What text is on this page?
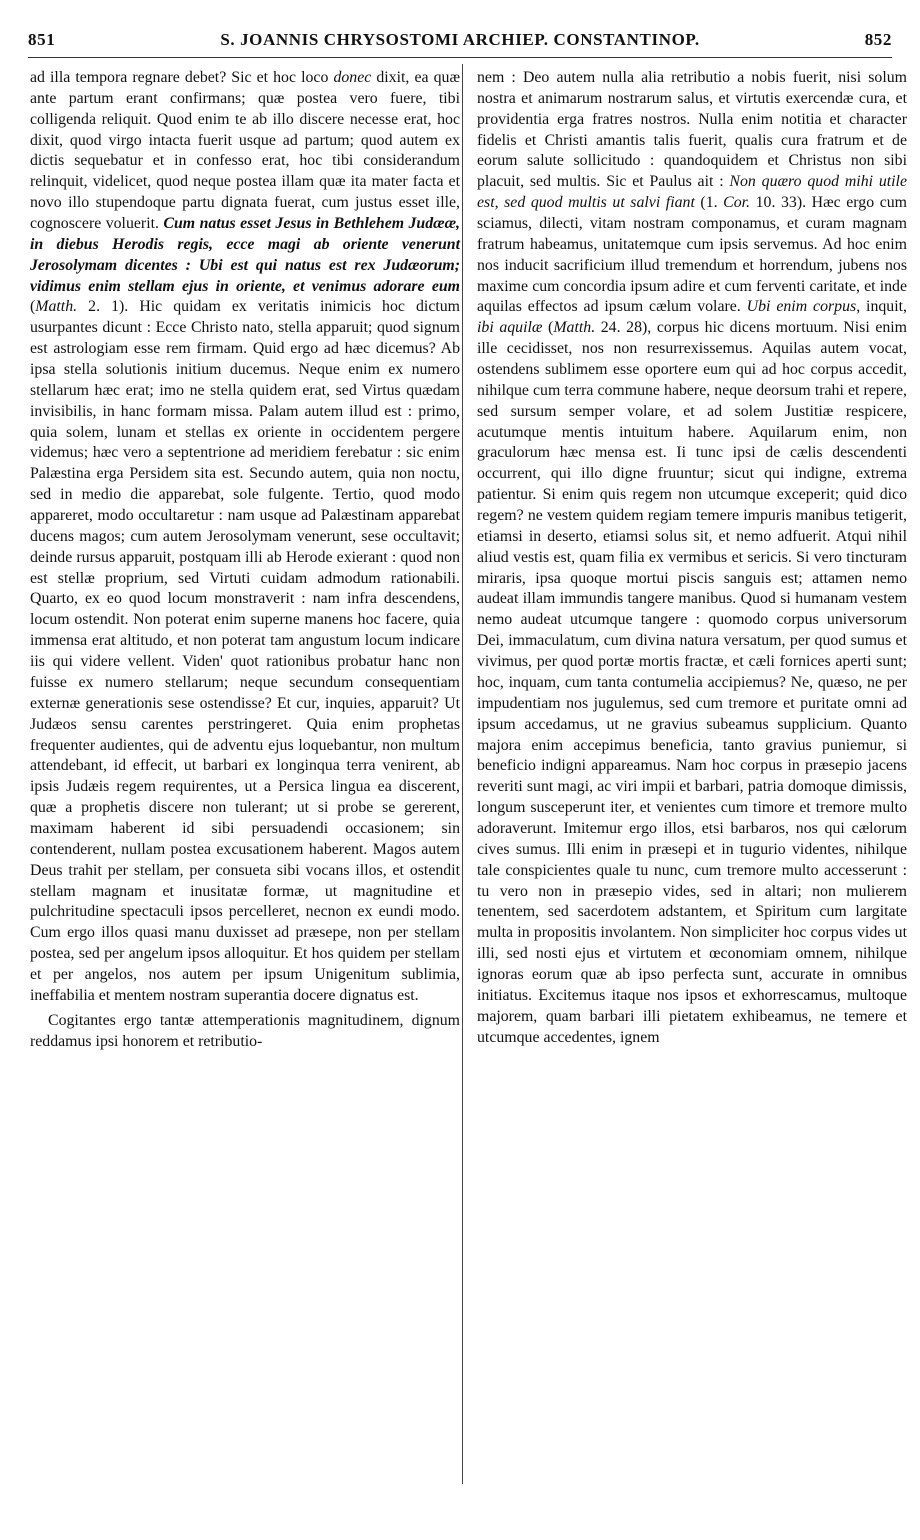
851	S. JOANNIS CHRYSOSTOMI ARCHIEP. CONSTANTINOP.	852

ad illa tempora regnare debet? Sic et hoc loco donec dixit, ea quæ ante partum erant confirmans; quæ postea vero fuere, tibi colligenda reliquit. Quod enim te ab illo discere necesse erat, hoc dixit, quod virgo intacta fuerit usque ad partum; quod autem ex dictis sequebatur et in confesso erat, hoc tibi considerandum relinquit, videlicet, quod neque postea illam quæ ita mater facta et novo illo stupendoque partu dignata fuerat, cum justus esset ille, cognoscere voluerit. Cum natus esset Jesus in Bethlehem Judææ, in diebus Herodis regis, ecce magi ab oriente venerunt Jerosolymam dicentes : Ubi est qui natus est rex Judæorum; vidimus enim stellam ejus in oriente, et venimus adorare eum (Matth. 2. 1). Hic quidam ex veritatis inimicis hoc dictum usurpantes dicunt : Ecce Christo nato, stella apparuit; quod signum est astrologiam esse rem firmam. Quid ergo ad hæc dicemus? Ab ipsa stella solutionis initium ducemus. Neque enim ex numero stellarum hæc erat; imo ne stella quidem erat, sed Virtus quædam invisibilis, in hanc formam missa. Palam autem illud est : primo, quia solem, lunam et stellas ex oriente in occidentem pergere videmus; hæc vero a septentrione ad meridiem ferebatur : sic enim Palæstina erga Persidem sita est. Secundo autem, quia non noctu, sed in medio die apparebat, sole fulgente. Tertio, quod modo appareret, modo occultaretur : nam usque ad Palæstinam apparebat ducens magos; cum autem Jerosolymam venerunt, sese occultavit; deinde rursus apparuit, postquam illi ab Herode exierant : quod non est stellæ proprium, sed Virtuti cuidam admodum rationabili. Quarto, ex eo quod locum monstraverit : nam infra descendens, locum ostendit. Non poterat enim superne manens hoc facere, quia immensa erat altitudo, et non poterat tam angustum locum indicare iis qui videre vellent. Viden' quot rationibus probatur hanc non fuisse ex numero stellarum; neque secundum consequentiam externæ generationis sese ostendisse? Et cur, inquies, apparuit? Ut Judæos sensu carentes perstringeret. Quia enim prophetas frequenter audientes, qui de adventu ejus loquebantur, non multum attendebant, id effecit, ut barbari ex longinqua terra venirent, ab ipsis Judæis regem requirentes, ut a Persica lingua ea discerent, quæ a prophetis discere non tulerant; ut si probe se gererent, maximam haberent id sibi persuadendi occasionem; sin contenderent, nullam postea excusationem haberent. Magos autem Deus trahit per stellam, per consueta sibi vocans illos, et ostendit stellam magnam et inusitatæ formæ, ut magnitudine et pulchritudine spectaculi ipsos percelleret, necnon ex eundi modo. Cum ergo illos quasi manu duxisset ad præsepe, non per stellam postea, sed per angelum ipsos alloquitur. Et hos quidem per stellam et per angelos, nos autem per ipsum Unigenitum sublimia, ineffabilia et mentem nostram superantia docere dignatus est.

Cogitantes ergo tantæ attemperationis magnitudinem, dignum reddamus ipsi honorem et retributio-

nem : Deo autem nulla alia retributio a nobis fuerit, nisi solum nostra et animarum nostrarum salus, et virtutis exercendæ cura, et providentia erga fratres nostros. Nulla enim notitia et character fidelis et Christi amantis talis fuerit, qualis cura fratrum et de eorum salute sollicitudo : quandoquidem et Christus non sibi placuit, sed multis. Sic et Paulus ait : Non quæro quod mihi utile est, sed quod multis ut salvi fiant (1. Cor. 10. 33). Hæc ergo cum sciamus, dilecti, vitam nostram componamus, et curam magnam fratrum habeamus, unitatemque cum ipsis servemus. Ad hoc enim nos inducit sacrificium illud tremendum et horrendum, jubens nos maxime cum concordia ipsum adire et cum ferventi caritate, et inde aquilas effectos ad ipsum cælum volare. Ubi enim corpus, inquit, ibi aquilæ (Matth. 24. 28), corpus hic dicens mortuum. Nisi enim ille cecidisset, nos non resurrexissemus. Aquilas autem vocat, ostendens sublimem esse oportere eum qui ad hoc corpus accedit, nihilque cum terra commune habere, neque deorsum trahi et repere, sed sursum semper volare, et ad solem Justitiæ respicere, acutumque mentis intuitum habere. Aquilarum enim, non graculorum hæc mensa est. Ii tunc ipsi de cælis descendenti occurrent, qui illo digne fruuntur; sicut qui indigne, extrema patientur. Si enim quis regem non utcumque exceperit; quid dico regem? ne vestem quidem regiam temere impuris manibus tetigerit, etiamsi in deserto, etiamsi solus sit, et nemo adfuerit. Atqui nihil aliud vestis est, quam filia ex vermibus et sericis. Si vero tincturam miraris, ipsa quoque mortui piscis sanguis est; attamen nemo audeat illam immundis tangere manibus. Quod si humanam vestem nemo audeat utcumque tangere : quomodo corpus universorum Dei, immaculatum, cum divina natura versatum, per quod sumus et vivimus, per quod portæ mortis fractæ, et cæli fornices aperti sunt; hoc, inquam, cum tanta contumelia accipiemus? Ne, quæso, ne per impudentiam nos jugulemus, sed cum tremore et puritate omni ad ipsum accedamus, ut ne gravius subeamus supplicium. Quanto majora enim accepimus beneficia, tanto gravius puniemur, si beneficio indigni appareamus. Nam hoc corpus in præsepio jacens reveriti sunt magi, ac viri impii et barbari, patria domoque dimissis, longum susceperunt iter, et venientes cum timore et tremore multo adoraverunt. Imitemur ergo illos, etsi barbaros, nos qui cælorum cives sumus. Illi enim in præsepi et in tugurio videntes, nihilque tale conspicientes quale tu nunc, cum tremore multo accesserunt : tu vero non in præsepio vides, sed in altari; non mulierem tenentem, sed sacerdotem adstantem, et Spiritum cum largitate multa in propositis involantem. Non simpliciter hoc corpus vides ut illi, sed nosti ejus et virtutem et œconomiam omnem, nihilque ignoras eorum quæ ab ipso perfecta sunt, accurate in omnibus initiatus. Excitemus itaque nos ipsos et exhorrescamus, multoque majorem, quam barbari illi pietatem exhibeamus, ne temere et utcumque accedentes, ignem
